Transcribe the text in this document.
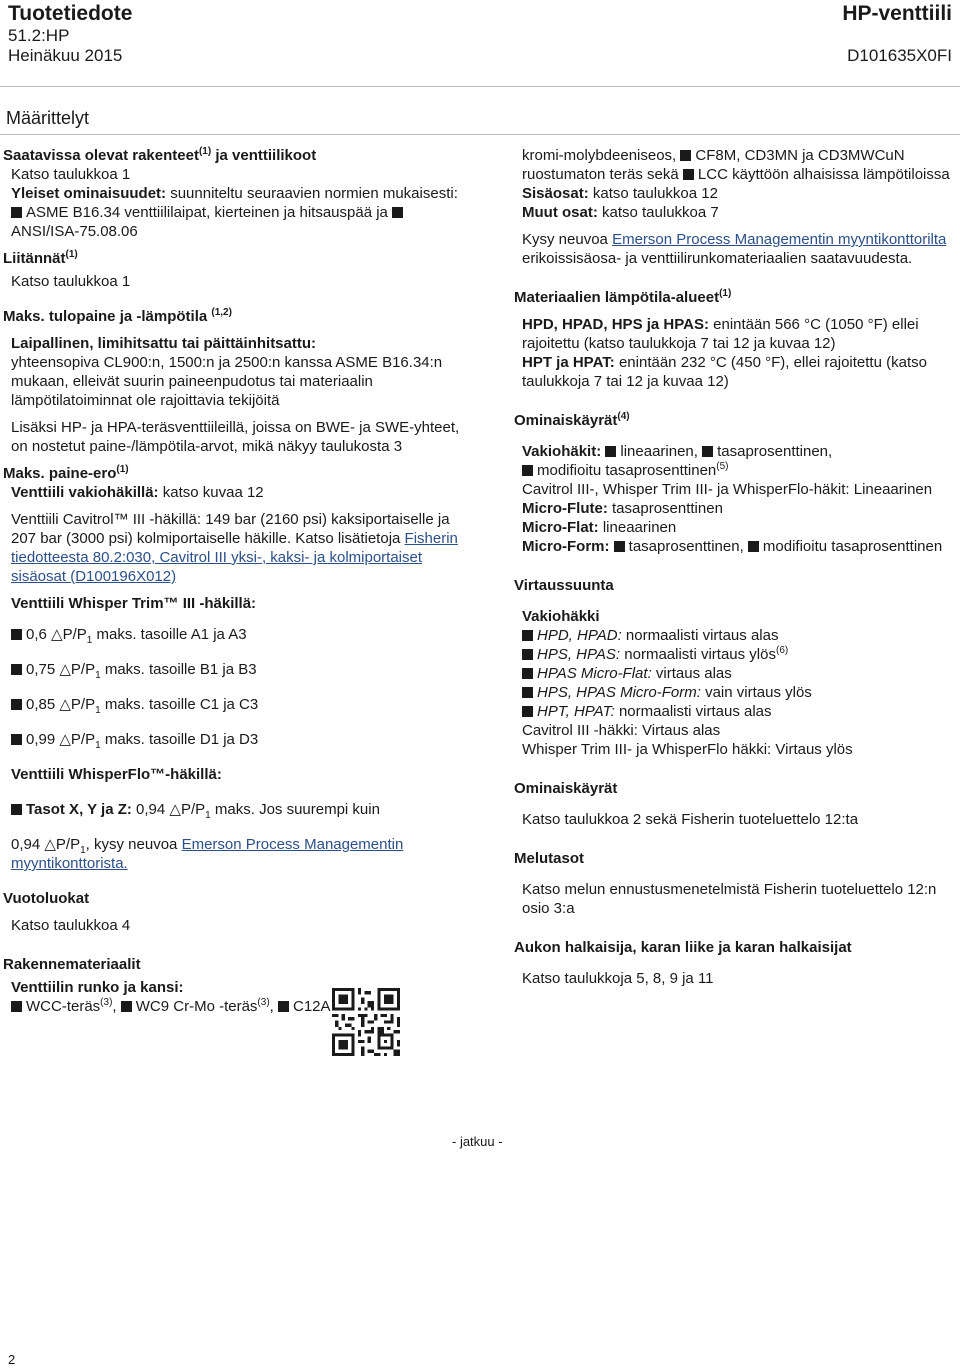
Tuotetiedote
51.2:HP
Heinäkuu 2015
HP-venttiili

D101635X0FI
Määrittelyt

Saatavissa olevat rakenteet$^{(1)}$ ja venttiilikoot

Katso taulukkoa 1

Yleiset ominaisuudet: suunniteltu seuraavien normien mukaisesti: ASME B16.34 venttiililaipat, kierteinen ja hitsauspää ja ANSI/ISA-75.08.06

Liitännät$^{(1)}$

Katso taulukkoa 1

Maks. tulopaine ja -lämpötila $^{(1,2)}$

Laipallinen, limihitsattu tai päittäinhitsattu:

yhteensopiva CL900:n, 1500:n ja 2500:n kanssa ASME B16.34:n mukaan, elleivät suurin paineenpudotus tai materiaalin lämpötilatoiminnat ole rajoittavia tekijöitä

Lisäksi HP- ja HPA-teräsventtiileillä, joissa on BWE- ja SWE-yhteet, on nostetut paine-/lämpötila-arvot, mikä näkyy taulukosta 3

Maks. paine-ero$^{(1)}$

Venttiili vakiohäkillä: katso kuvaa 12

Venttiili Cavitrol™ III -häkillä: 149 bar (2160 psi) kaksiportaiselle ja 207 bar (3000 psi) kolmiportaiselle häkille. Katso lisätietoja Fisherin tiedotteesta 80.2:030, Cavitrol III yksi-, kaksi- ja kolmiportaiset sisäosat (D100196X012)

Venttiili Whisper Trim™ III -häkillä:

0,6 $\triangle P/P_1$ maks. tasoille A1 ja A3

0,75 $\triangle P/P_1$ maks. tasoille B1 ja B3

0,85 $\triangle P/P_1$ maks. tasoille C1 ja C3

0,99 $\triangle P/P_1$ maks. tasoille D1 ja D3

Venttiili WhisperFlo™-häkillä:

Tasot X, Y ja Z: 0,94 $\triangle P/P_1$ maks. Jos suurempi kuin

0,94 $\triangle P/P_1$, kysy neuvoa Emerson Process Managementin myyntikonttorista.

Vuotoluokat

Katso taulukkoa 4

Rakennemateriaalit

Venttiilin runko ja kansi:

WCC-teräs$^{(3)}$, WC9 Cr-Mo -teräs$^{(3)}$, C12A

kromi-molybdeeniseos, CF8M, CD3MN ja CD3MWCuN ruostumaton teräs sekä LCC käyttöön alhaisissa lämpötiloissa

Sisäosat: katso taulukkoa 12

Muut osat: katso taulukkoa 7

Kysy neuvoa Emerson Process Managementin myyntikonttorilta erikoissisäosa- ja venttiilirunkomateriaalien saatavuudesta.

Materiaalien lämpötila-alueet$^{(1)}$

HPD, HPAD, HPS ja HPAS: enintään 566 °C (1050 °F) ellei rajoitettu (katso taulukkoja 7 tai 12 ja kuvaa 12)

HPT ja HPAT: enintään 232 °C (450 °F), ellei rajoitettu (katso taulukkoja 7 tai 12 ja kuvaa 12)

Ominaiskäyrät$^{(4)}$

Vakiohäkit: lineaarinen, tasaprosenttinen,
modifioitu tasaprosenttinen$^{(5)}$

Cavitrol III-, Whisper Trim III- ja WhisperFlo-häkit: Lineaarinen

Micro-Flute: tasaprosenttinen

Micro-Flat: lineaarinen

Micro-Form: tasaprosenttinen, modifioitu tasaprosenttinen

Virtaussuunta

Vakiohäkki

HPD, HPAD: normaalisti virtaus alas

HPS, HPAS: normaalisti virtaus ylös$^{(6)}$

HPAS Micro-Flat: virtaus alas

HPS, HPAS Micro-Form: vain virtaus ylös

HPT, HPAT: normaalisti virtaus alas

Cavitrol III -häkki: Virtaus alas

Whisper Trim III- ja WhisperFlo häkki: Virtaus ylös

Ominaiskäyrät

Katso taulukkoa 2 sekä Fisherin tuoteluettelo 12:ta

Melutasot

Katso melun ennustusmenetelmistä Fisherin tuoteluettelo 12:n osio 3:a

Aukon halkaisija, karan liike ja karan halkaisijat

Katso taulukkoja 5, 8, 9 ja 11

- jatkuu -
2
